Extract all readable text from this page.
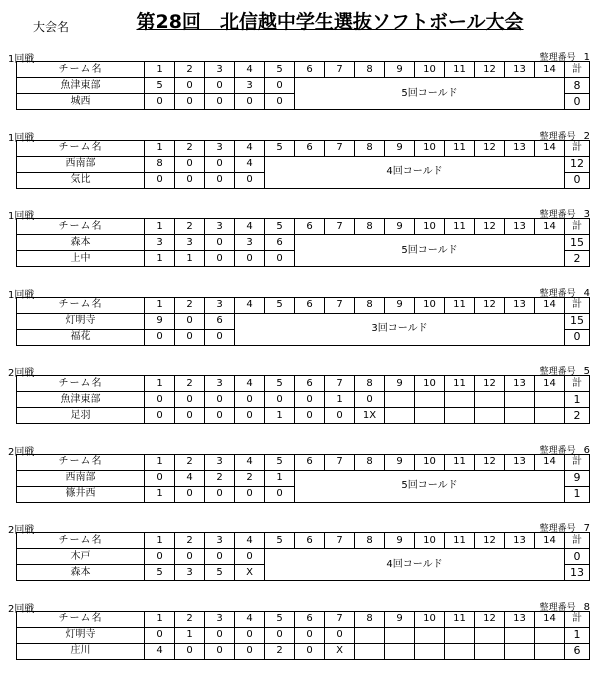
大会名	第28回　北信越中学生選抜ソフトボール大会
1回戦	整理番号 1
チーム名	1	2	3	4	5	6	7	8	9	10	11	12	13	14	計
魚津東部	5	0	0	3	0	5回コールド									8
城西	0	0	0	0	0										0
1回戦	整理番号 2
チーム名	1	2	3	4	5	6	7	8	9	10	11	12	13	14	計
西南部	8	0	0	4	4回コールド										12
気比	0	0	0	0											0
1回戦	整理番号 3
チーム名	1	2	3	4	5	6	7	8	9	10	11	12	13	14	計
森本	3	3	0	3	6	5回コールド									15
上中	1	1	0	0	0										2
1回戦	整理番号 4
チーム名	1	2	3	4	5	6	7	8	9	10	11	12	13	14	計
灯明寺	9	0	6	3回コールド											15
福花	0	0	0												0
2回戦	整理番号 5
チーム名	1	2	3	4	5	6	7	8	9	10	11	12	13	14	計
魚津東部	0	0	0	0	0	0	1	0							1
足羽	0	0	0	0	1	0	0	1X							2
2回戦	整理番号 6
チーム名	1	2	3	4	5	6	7	8	9	10	11	12	13	14	計
西南部	0	4	2	2	1	5回コールド									9
篠井西	1	0	0	0	0										1
2回戦	整理番号 7
チーム名	1	2	3	4	5	6	7	8	9	10	11	12	13	14	計
木戸	0	0	0	0	4回コールド										0
森本	5	3	5	X											13
2回戦	整理番号 8
チーム名	1	2	3	4	5	6	7	8	9	10	11	12	13	14	計
灯明寺	0	1	0	0	0	0	0								1
庄川	4	0	0	0	2	0	X								6
